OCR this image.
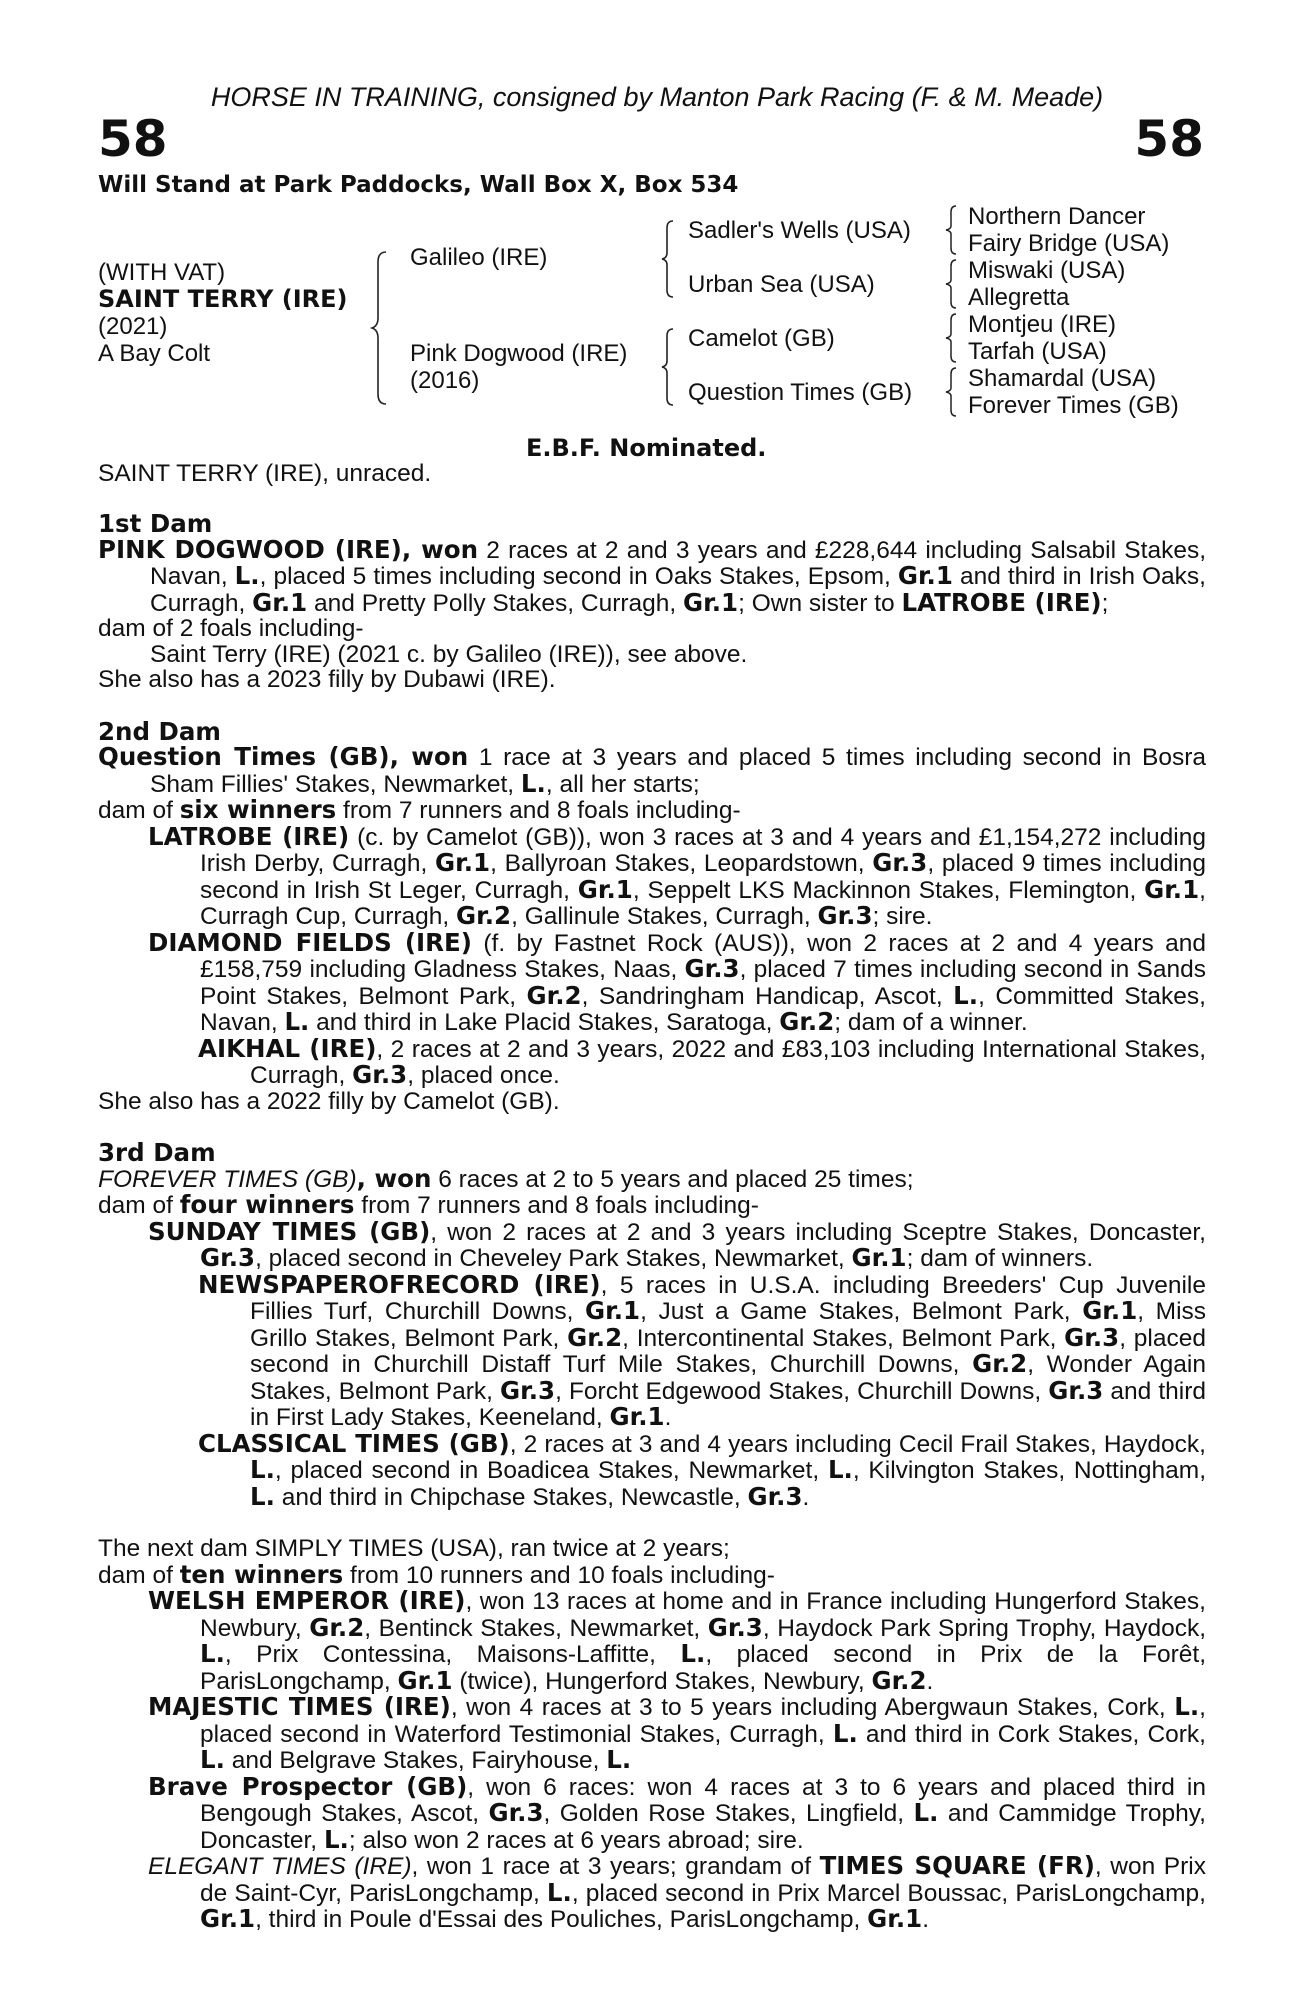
HORSE IN TRAINING, consigned by Manton Park Racing (F. & M. Meade)
58	58
Will Stand at Park Paddocks, Wall Box X, Box 534
(WITH VAT)
SAINT TERRY (IRE)
(2021)
A Bay Colt
Galileo (IRE)
Pink Dogwood (IRE)
(2016)
Sadler's Wells (USA)
Urban Sea (USA)
Camelot (GB)
Question Times (GB)
Northern Dancer
Fairy Bridge (USA)
Miswaki (USA)
Allegretta
Montjeu (IRE)
Tarfah (USA)
Shamardal (USA)
Forever Times (GB)
E.B.F. Nominated.
SAINT TERRY (IRE), unraced.

1st Dam

PINK DOGWOOD (IRE), won 2 races at 2 and 3 years and £228,644 including Salsabil Stakes, Navan, L., placed 5 times including second in Oaks Stakes, Epsom, Gr.1 and third in Irish Oaks, Curragh, Gr.1 and Pretty Polly Stakes, Curragh, Gr.1; Own sister to LATROBE (IRE);

dam of 2 foals including-

Saint Terry (IRE) (2021 c. by Galileo (IRE)), see above.

She also has a 2023 filly by Dubawi (IRE).

2nd Dam

Question Times (GB), won 1 race at 3 years and placed 5 times including second in Bosra Sham Fillies' Stakes, Newmarket, L., all her starts;

dam of six winners from 7 runners and 8 foals including-

LATROBE (IRE) (c. by Camelot (GB)), won 3 races at 3 and 4 years and £1,154,272 including Irish Derby, Curragh, Gr.1, Ballyroan Stakes, Leopardstown, Gr.3, placed 9 times including second in Irish St Leger, Curragh, Gr.1, Seppelt LKS Mackinnon Stakes, Flemington, Gr.1, Curragh Cup, Curragh, Gr.2, Gallinule Stakes, Curragh, Gr.3; sire.

DIAMOND FIELDS (IRE) (f. by Fastnet Rock (AUS)), won 2 races at 2 and 4 years and £158,759 including Gladness Stakes, Naas, Gr.3, placed 7 times including second in Sands Point Stakes, Belmont Park, Gr.2, Sandringham Handicap, Ascot, L., Committed Stakes, Navan, L. and third in Lake Placid Stakes, Saratoga, Gr.2; dam of a winner.

AIKHAL (IRE), 2 races at 2 and 3 years, 2022 and £83,103 including International Stakes, Curragh, Gr.3, placed once.

She also has a 2022 filly by Camelot (GB).

3rd Dam

FOREVER TIMES (GB), won 6 races at 2 to 5 years and placed 25 times;

dam of four winners from 7 runners and 8 foals including-

SUNDAY TIMES (GB), won 2 races at 2 and 3 years including Sceptre Stakes, Doncaster, Gr.3, placed second in Cheveley Park Stakes, Newmarket, Gr.1; dam of winners.

NEWSPAPEROFRECORD (IRE), 5 races in U.S.A. including Breeders' Cup Juvenile Fillies Turf, Churchill Downs, Gr.1, Just a Game Stakes, Belmont Park, Gr.1, Miss Grillo Stakes, Belmont Park, Gr.2, Intercontinental Stakes, Belmont Park, Gr.3, placed second in Churchill Distaff Turf Mile Stakes, Churchill Downs, Gr.2, Wonder Again Stakes, Belmont Park, Gr.3, Forcht Edgewood Stakes, Churchill Downs, Gr.3 and third in First Lady Stakes, Keeneland, Gr.1.

CLASSICAL TIMES (GB), 2 races at 3 and 4 years including Cecil Frail Stakes, Haydock, L., placed second in Boadicea Stakes, Newmarket, L., Kilvington Stakes, Nottingham, L. and third in Chipchase Stakes, Newcastle, Gr.3.

The next dam SIMPLY TIMES (USA), ran twice at 2 years;

dam of ten winners from 10 runners and 10 foals including-

WELSH EMPEROR (IRE), won 13 races at home and in France including Hungerford Stakes, Newbury, Gr.2, Bentinck Stakes, Newmarket, Gr.3, Haydock Park Spring Trophy, Haydock, L., Prix Contessina, Maisons-Laffitte, L., placed second in Prix de la Forêt, ParisLongchamp, Gr.1 (twice), Hungerford Stakes, Newbury, Gr.2.

MAJESTIC TIMES (IRE), won 4 races at 3 to 5 years including Abergwaun Stakes, Cork, L., placed second in Waterford Testimonial Stakes, Curragh, L. and third in Cork Stakes, Cork, L. and Belgrave Stakes, Fairyhouse, L.

Brave Prospector (GB), won 6 races: won 4 races at 3 to 6 years and placed third in Bengough Stakes, Ascot, Gr.3, Golden Rose Stakes, Lingfield, L. and Cammidge Trophy, Doncaster, L.; also won 2 races at 6 years abroad; sire.

ELEGANT TIMES (IRE), won 1 race at 3 years; grandam of TIMES SQUARE (FR), won Prix de Saint-Cyr, ParisLongchamp, L., placed second in Prix Marcel Boussac, ParisLongchamp, Gr.1, third in Poule d'Essai des Pouliches, ParisLongchamp, Gr.1.
